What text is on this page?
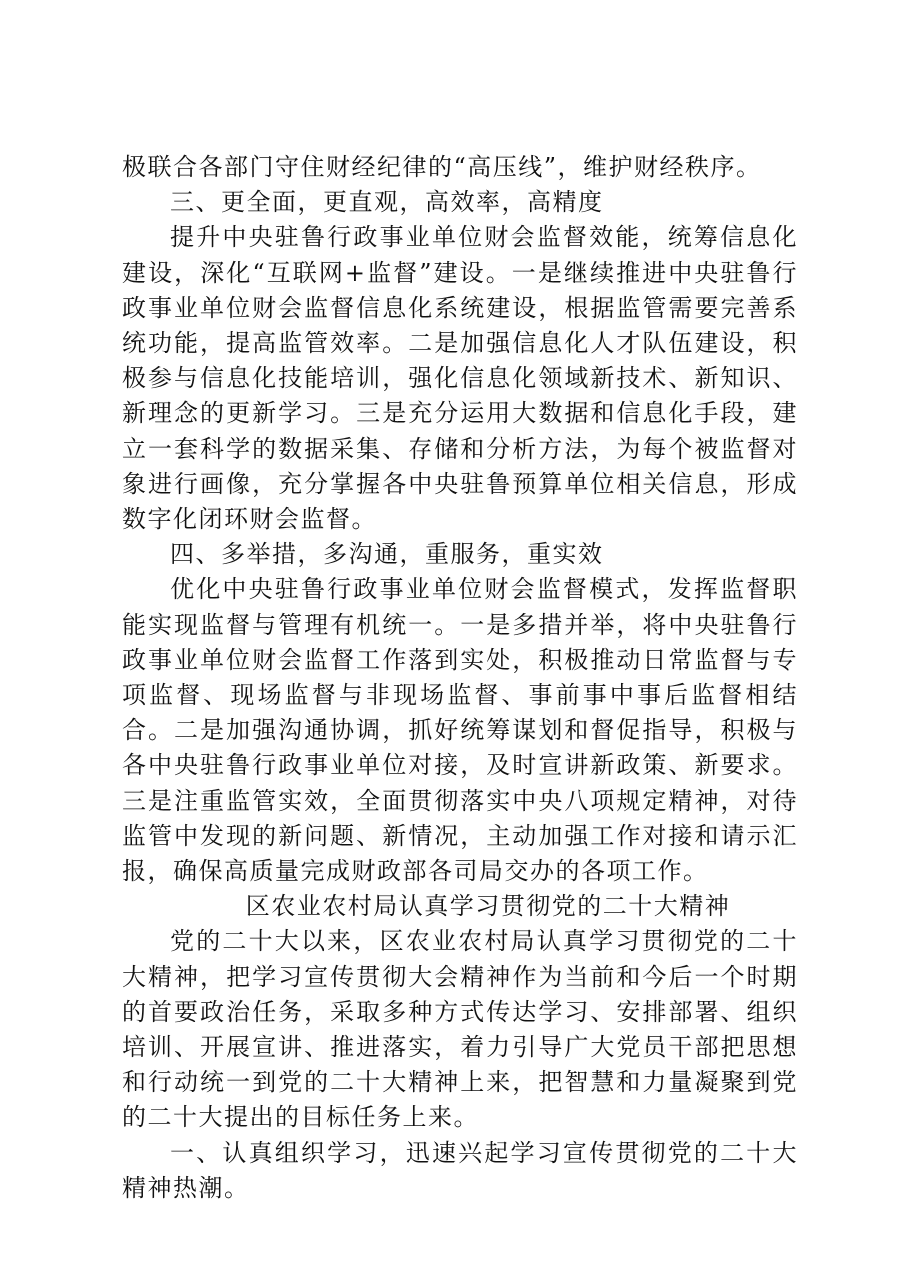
极联合各部门守住财经纪律的“高压线”，维护财经秩序。

三、更全面，更直观，高效率，高精度

提升中央驻鲁行政事业单位财会监督效能，统筹信息化建设，深化“互联网+监督”建设。一是继续推进中央驻鲁行政事业单位财会监督信息化系统建设，根据监管需要完善系统功能，提高监管效率。二是加强信息化人才队伍建设，积极参与信息化技能培训，强化信息化领域新技术、新知识、新理念的更新学习。三是充分运用大数据和信息化手段，建立一套科学的数据采集、存储和分析方法，为每个被监督对象进行画像，充分掌握各中央驻鲁预算单位相关信息，形成数字化闭环财会监督。

四、多举措，多沟通，重服务，重实效

优化中央驻鲁行政事业单位财会监督模式，发挥监督职能实现监督与管理有机统一。一是多措并举，将中央驻鲁行政事业单位财会监督工作落到实处，积极推动日常监督与专项监督、现场监督与非现场监督、事前事中事后监督相结合。二是加强沟通协调，抓好统筹谋划和督促指导，积极与各中央驻鲁行政事业单位对接，及时宣讲新政策、新要求。三是注重监管实效，全面贯彻落实中央八项规定精神，对待监管中发现的新问题、新情况，主动加强工作对接和请示汇报，确保高质量完成财政部各司局交办的各项工作。

区农业农村局认真学习贯彻党的二十大精神

党的二十大以来，区农业农村局认真学习贯彻党的二十大精神，把学习宣传贯彻大会精神作为当前和今后一个时期的首要政治任务，采取多种方式传达学习、安排部署、组织培训、开展宣讲、推进落实，着力引导广大党员干部把思想和行动统一到党的二十大精神上来，把智慧和力量凝聚到党的二十大提出的目标任务上来。

一、认真组织学习，迅速兴起学习宣传贯彻党的二十大精神热潮。
